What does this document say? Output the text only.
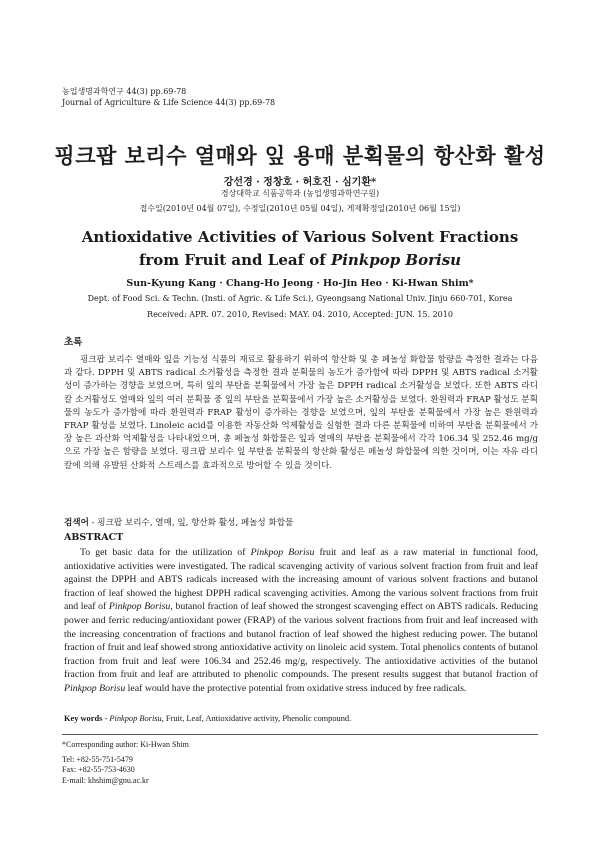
농업생명과학연구 44(3) pp.69-78
Journal of Agriculture & Life Science 44(3) pp.69-78
핑크팝 보리수 열매와 잎 용매 분획물의 항산화 활성
강선경 · 정창호 · 허호진 · 심기환*
경상대학교 식품공학과 (농업생명과학연구원)
접수일(2010년 04월 07일), 수정일(2010년 05월 04일), 게재확정일(2010년 06월 15일)
Antioxidative Activities of Various Solvent Fractions from Fruit and Leaf of Pinkpop Borisu
Sun-Kyung Kang · Chang-Ho Jeong · Ho-Jin Heo · Ki-Hwan Shim*
Dept. of Food Sci. & Techn. (Insti. of Agric. & Life Sci.), Gyeongsang National Univ. Jinju 660-701, Korea
Received: APR. 07. 2010, Revised: MAY. 04. 2010, Accepted: JUN. 15. 2010
초록

핑크팝 보리수 열매와 잎을 기능성 식품의 재료로 활용하기 위하여 항산화 및 총 페놀성 화합물 함량을 측정한 결과는 다음과 같다. DPPH 및 ABTS radical 소거활성을 측정한 결과 분획물의 농도가 증가함에 따라 DPPH 및 ABTS radical 소거활성이 증가하는 경향을 보였으며, 특히 잎의 부탄올 분획물에서 가장 높은 DPPH radical 소거활성을 보였다. 또한 ABTS 라디칼 소거활성도 열매와 잎의 여러 분획물 중 잎의 부탄올 분획물에서 가장 높은 소거활성을 보였다. 환원력과 FRAP 활성도 분획물의 농도가 증가함에 따라 환원력과 FRAP 활성이 증가하는 경향을 보였으며, 잎의 부탄올 분획물에서 가장 높은 환원력과 FRAP 활성을 보였다. Linoleic acid를 이용한 자동산화 억제활성을 실험한 결과 다른 분획물에 비하여 부탄올 분획물에서 가장 높은 과산화 억제활성을 나타내었으며, 총 페놀성 화합물은 잎과 열매의 부탄올 분획물에서 각각 106.34 및 252.46 mg/g으로 가장 높은 함량을 보였다. 핑크팝 보리수 잎 부탄올 분획물의 항산화 활성은 페놀성 화합물에 의한 것이며, 이는 자유 라디칼에 의해 유발된 산화적 스트레스를 효과적으로 방어할 수 있을 것이다.

검색어 - 핑크팝 보리수, 열매, 잎, 항산화 활성, 페놀성 화합물
ABSTRACT

To get basic data for the utilization of Pinkpop Borisu fruit and leaf as a raw material in functional food, antioxidative activities were investigated. The radical scavenging activity of various solvent fraction from fruit and leaf against the DPPH and ABTS radicals increased with the increasing amount of various solvent fractions and butanol fraction of leaf showed the highest DPPH radical scavenging activities. Among the various solvent fractions from fruit and leaf of Pinkpop Borisu, butanol fraction of leaf showed the strongest scavenging effect on ABTS radicals. Reducing power and ferric reducing/antioxidant power (FRAP) of the various solvent fractions from fruit and leaf increased with the increasing concentration of fractions and butanol fraction of leaf showed the highest reducing power. The butanol fraction of fruit and leaf showed strong antioxidative activity on linoleic acid system. Total phenolics contents of butanol fraction from fruit and leaf were 106.34 and 252.46 mg/g, respectively. The antioxidative activities of the butanol fraction from fruit and leaf are attributed to phenolic compounds. The present results suggest that butanol fraction of Pinkpop Borisu leaf would have the protective potential from oxidative stress induced by free radicals.

Key words - Pinkpop Borisu, Fruit, Leaf, Antioxidative activity, Phenolic compound.
*Corresponding author: Ki-Hwan Shim
Tel: +82-55-751-5479
Fax: +82-55-753-4630
E-mail: khshim@gnu.ac.kr
